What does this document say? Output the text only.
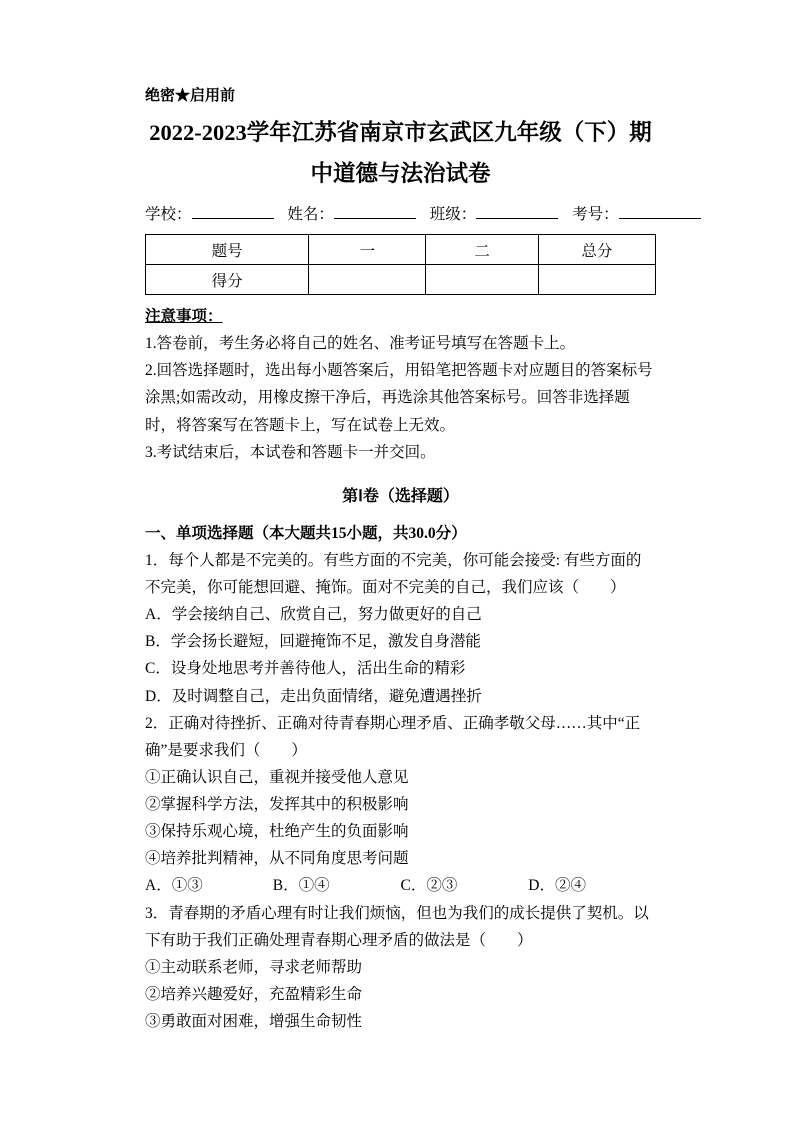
绝密★启用前
2022-2023学年江苏省南京市玄武区九年级（下）期中道德与法治试卷
学校：	姓名：	班级：	考号：
题号	一	二	总分
得分			
注意事项：
1.答卷前，考生务必将自己的姓名、准考证号填写在答题卡上。
2.回答选择题时，选出每小题答案后，用铅笔把答题卡对应题目的答案标号涂黑;如需改动，用橡皮擦干净后，再选涂其他答案标号。回答非选择题时，将答案写在答题卡上，写在试卷上无效。
3.考试结束后，本试卷和答题卡一并交回。
第Ⅰ卷（选择题）
一、单项选择题（本大题共15小题，共30.0分）
1．每个人都是不完美的。有些方面的不完美，你可能会接受: 有些方面的不完美，你可能想回避、掩饰。面对不完美的自己，我们应该（　　）
A．学会接纳自己、欣赏自己，努力做更好的自己
B．学会扬长避短，回避掩饰不足，激发自身潜能
C．设身处地思考并善待他人，活出生命的精彩
D．及时调整自己，走出负面情绪，避免遭遇挫折
2．正确对待挫折、正确对待青春期心理矛盾、正确孝敬父母……其中“正确”是要求我们（　　）
①正确认识自己，重视并接受他人意见
②掌握科学方法，发挥其中的积极影响
③保持乐观心境，杜绝产生的负面影响
④培养批判精神，从不同角度思考问题
A．①③	B．①④	C．②③	D．②④
3．青春期的矛盾心理有时让我们烦恼，但也为我们的成长提供了契机。以下有助于我们正确处理青春期心理矛盾的做法是（　　）
①主动联系老师，寻求老师帮助
②培养兴趣爱好，充盈精彩生命
③勇敢面对困难，增强生命韧性
